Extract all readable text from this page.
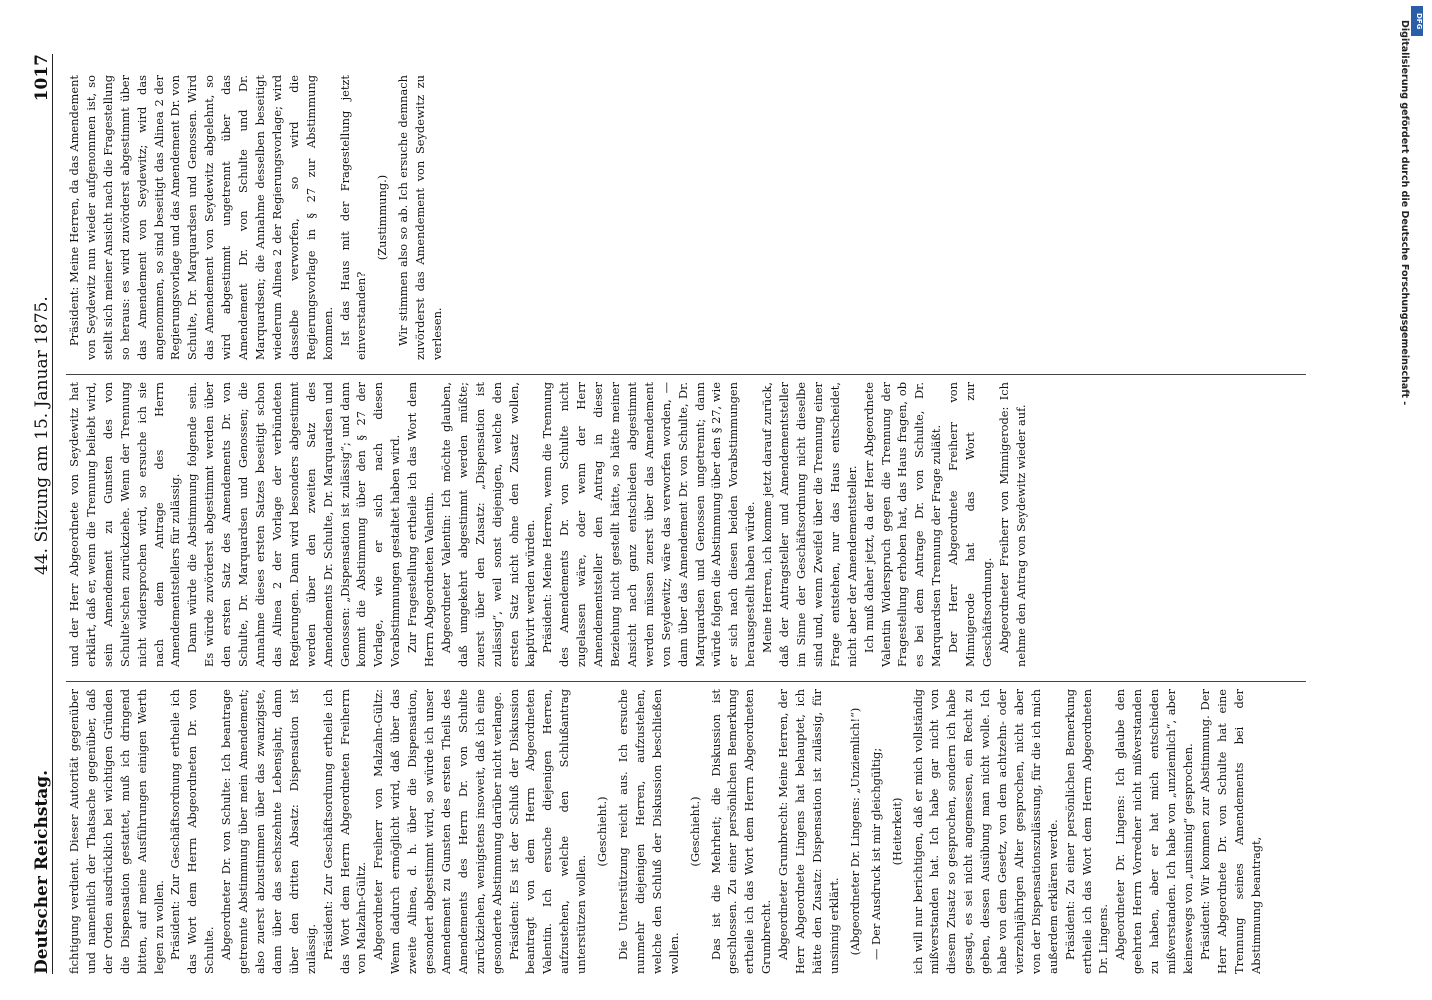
Deutscher Reichstag.
44. Sitzung am 15. Januar 1875.
1017

fichtigung verdient. Dieser Autorität gegenüber und namentlich der Thatsache gegenüber, daß der Orden ausdrücklich bei wichtigen Gründen die Dispensation gestattet, muß ich dringend bitten, auf meine Ausführungen einigen Werth legen zu wollen. Präsident: Zur Geschäftsordnung ertheile ich das Wort dem Herrn Abgeordneten Dr. von Schulte. Abgeordneter Dr. von Schulte: Ich beantrage getrennte Abstimmung über mein Amendement; also zuerst abzustimmen über das zwanzigste, dann über das sechszehnte Lebensjahr, dann über den dritten Absatz: Dispensation ist zulässig. Präsident: Zur Geschäftsordnung ertheile ich das Wort dem Herrn Abgeordneten Freiherrn von Malzahn-Gültz. Abgeordneter Freiherr von Malzahn-Gültz: Wenn dadurch ermöglicht wird, daß über das zweite Alinea, d. h. über die Dispensation, gesondert abgestimmt wird, so würde ich unser Amendement zu Gunsten des ersten Theils des Amendements des Herrn Dr. von Schulte zurückziehen, wenigstens insoweit, daß ich eine gesonderte Abstimmung darüber nicht verlange. Präsident: Es ist der Schluß der Diskussion beantragt von dem Herrn Abgeordneten Valentin. Ich ersuche diejenigen Herren, aufzustehen, welche den Schlußantrag unterstützen wollen.

(Geschieht.) Die Unterstützung reicht aus. Ich ersuche nunmehr diejenigen Herren, aufzustehen, welche den Schluß der Diskussion beschließen wollen.

(Geschieht.) Das ist die Mehrheit; die Diskussion ist geschlossen. Zu einer persönlichen Bemerkung ertheile ich das Wort dem Herrn Abgeordneten Grumbrecht. Abgeordneter Grumbrecht: Meine Herren, der Herr Abgeordnete Lingens hat behauptet, ich hätte den Zusatz: Dispensation ist zulässig, für unsinnig erklärt. (Abgeordneter Dr. Lingens: „Unziemlich!“) — Der Ausdruck ist mir gleichgültig; (Heiterkeit) ich will nur berichtigen, daß er mich vollständig mißverstanden hat. Ich habe gar nicht von diesem Zusatz so gesprochen, sondern ich habe gesagt, es sei nicht angemessen, ein Recht zu geben, dessen Ausübung man nicht wolle. Ich habe von dem Gesetz, von dem achtzehn- oder vierzehnjährigen Alter gesprochen, nicht aber von der Dispensationszulässung, für die ich mich außerdem erklären werde. Präsident: Zu einer persönlichen Bemerkung ertheile ich das Wort dem Herrn Abgeordneten Dr. Lingens. Abgeordneter Dr. Lingens: Ich glaube den geehrten Herrn Vorredner nicht mißverstanden zu haben, aber er hat mich entschieden mißverstanden. Ich habe von „unziemlich“, aber keineswegs von „unsinnig“ gesprochen. Präsident: Wir kommen zur Abstimmung. Der Herr Abgeordnete Dr. von Schulte hat eine Trennung seines Amendements bei der Abstimmung beantragt,

und der Herr Abgeordnete von Seydewitz hat erklärt, daß er, wenn die Trennung beliebt wird, sein Amendement zu Gunsten des von Schulte'schen zurückziehe. Wenn der Trennung nicht widersprochen wird, so ersuche ich sie nach dem Antrage des Herrn Amendementstellers für zulässig. Dann würde die Abstimmung folgende sein. Es würde zuvörderst abgestimmt werden über den ersten Satz des Amendements Dr. von Schulte, Dr. Marquardsen und Genossen; die Annahme dieses ersten Satzes beseitigt schon das Alinea 2 der Vorlage der verbündeten Regierungen. Dann wird besonders abgestimmt werden über den zweiten Satz des Amendements Dr. Schulte, Dr. Marquardsen und Genossen: „Dispensation ist zulässig“; und dann kommt die Abstimmung über den § 27 der Vorlage, wie er sich nach diesen Vorabstimmungen gestaltet haben wird. Zur Fragestellung ertheile ich das Wort dem Herrn Abgeordneten Valentin. Abgeordneter Valentin: Ich möchte glauben, daß umgekehrt abgestimmt werden müßte; zuerst über den Zusatz: „Dispensation ist zulässig“, weil sonst diejenigen, welche den ersten Satz nicht ohne den Zusatz wollen, kaptivirt werden würden. Präsident: Meine Herren, wenn die Trennung des Amendements Dr. von Schulte nicht zugelassen wäre, oder wenn der Herr Amendementsteller den Antrag in dieser Beziehung nicht gestellt hätte, so hätte meiner Ansicht nach ganz entschieden abgestimmt werden müssen zuerst über das Amendement von Seydewitz; wäre das verworfen worden, — dann über das Amendement Dr. von Schulte, Dr. Marquardsen und Genossen ungetrennt; dann würde folgen die Abstimmung über den § 27, wie er sich nach diesen beiden Vorabstimmungen herausgestellt haben würde. Meine Herren, ich komme jetzt darauf zurück, daß der Antragsteller und Amendementsteller im Sinne der Geschäftsordnung nicht dieselbe sind und, wenn Zweifel über die Trennung einer Frage entstehen, nur das Haus entscheidet, nicht aber der Amendementsteller. Ich muß daher jetzt, da der Herr Abgeordnete Valentin Widerspruch gegen die Trennung der Fragestellung erhoben hat, das Haus fragen, ob es bei dem Antrage Dr. von Schulte, Dr. Marquardsen Trennung der Frage zuläßt. Der Herr Abgeordnete Freiherr von Minnigerode hat das Wort zur Geschäftsordnung. Abgeordneter Freiherr von Minnigerode: Ich nehme den Antrag von Seydewitz wieder auf.

Präsident: Meine Herren, da das Amendement von Seydewitz nun wieder aufgenommen ist, so stellt sich meiner Ansicht nach die Fragestellung so heraus: es wird zuvörderst abgestimmt über das Amendement von Seydewitz; wird das angenommen, so sind beseitigt das Alinea 2 der Regierungsvorlage und das Amendement Dr. von Schulte, Dr. Marquardsen und Genossen. Wird das Amendement von Seydewitz abgelehnt, so wird abgestimmt ungetrennt über das Amendement Dr. von Schulte und Dr. Marquardsen; die Annahme desselben beseitigt wiederum Alinea 2 der Regierungsvorlage; wird dasselbe verworfen, so wird die Regierungsvorlage in § 27 zur Abstimmung kommen. Ist das Haus mit der Fragestellung jetzt einverstanden?

(Zustimmung.) Wir stimmen also so ab. Ich ersuche demnach zuvörderst das Amendement von Seydewitz zu verlesen.

DFG
Digitalisierung gefördert durch die Deutsche Forschungsgemeinschaft -
